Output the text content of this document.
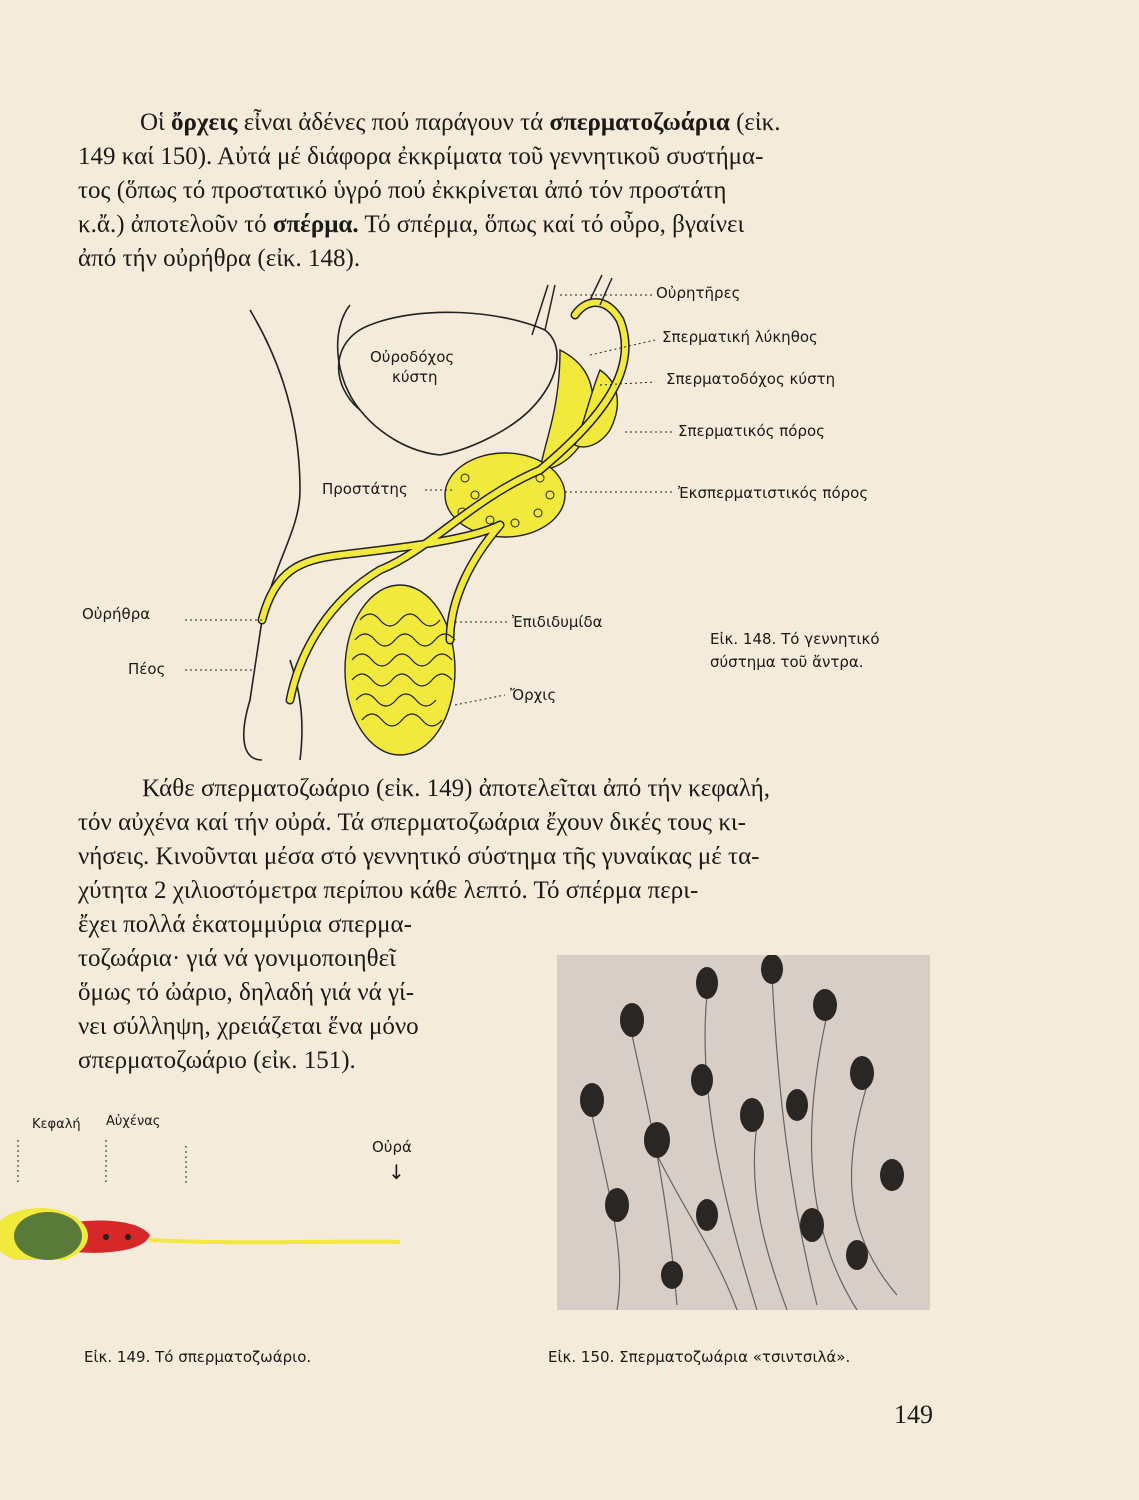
Οἱ ὄρχεις εἶναι ἀδένες πού παράγουν τά σπερματοζωάρια (εἰκ.
149 καί 150). Αὐτά μέ διάφορα ἐκκρίματα τοῦ γεννητικοῦ συστήμα-
τος (ὅπως τό προστατικό ὑγρό πού ἐκκρίνεται ἀπό τόν προστάτη
κ.ἄ.) ἀποτελοῦν τό σπέρμα. Τό σπέρμα, ὅπως καί τό οὖρο, βγαίνει
ἀπό τήν οὐρήθρα (εἰκ. 148).
Οὐρητῆρες
Σπερματική λύκηθος
Σπερματοδόχος κύστη
Σπερματικός πόρος
Ἐκσπερματιστικός πόρος
Ἐπιδιδυμίδα
Ὄρχις
Οὐρήθρα
Πέος
Προστάτης
Οὐροδόχος
κύστη
Εἰκ. 148. Τό γεννητικό
σύστημα τοῦ ἄντρα.
Κάθε σπερματοζωάριο (εἰκ. 149) ἀποτελεῖται ἀπό τήν κεφαλή,
τόν αὐχένα καί τήν οὐρά. Τά σπερματοζωάρια ἔχουν δικές τους κι-
νήσεις. Κινοῦνται μέσα στό γεννητικό σύστημα τῆς γυναίκας μέ τα-
χύτητα 2 χιλιοστόμετρα περίπου κάθε λεπτό. Τό σπέρμα περι-
ἔχει πολλά ἑκατομμύρια σπερμα-
τοζωάρια· γιά νά γονιμοποιηθεῖ
ὅμως τό ὠάριο, δηλαδή γιά νά γί-
νει σύλληψη, χρειάζεται ἕνα μόνο
σπερματοζωάριο (εἰκ. 151).
Κεφαλή Αὐχένας
Οὐρά
↓
Εἰκ. 149. Τό σπερματοζωάριο.	Εἰκ. 150. Σπερματοζωάρια «τσιντσιλά».
149
